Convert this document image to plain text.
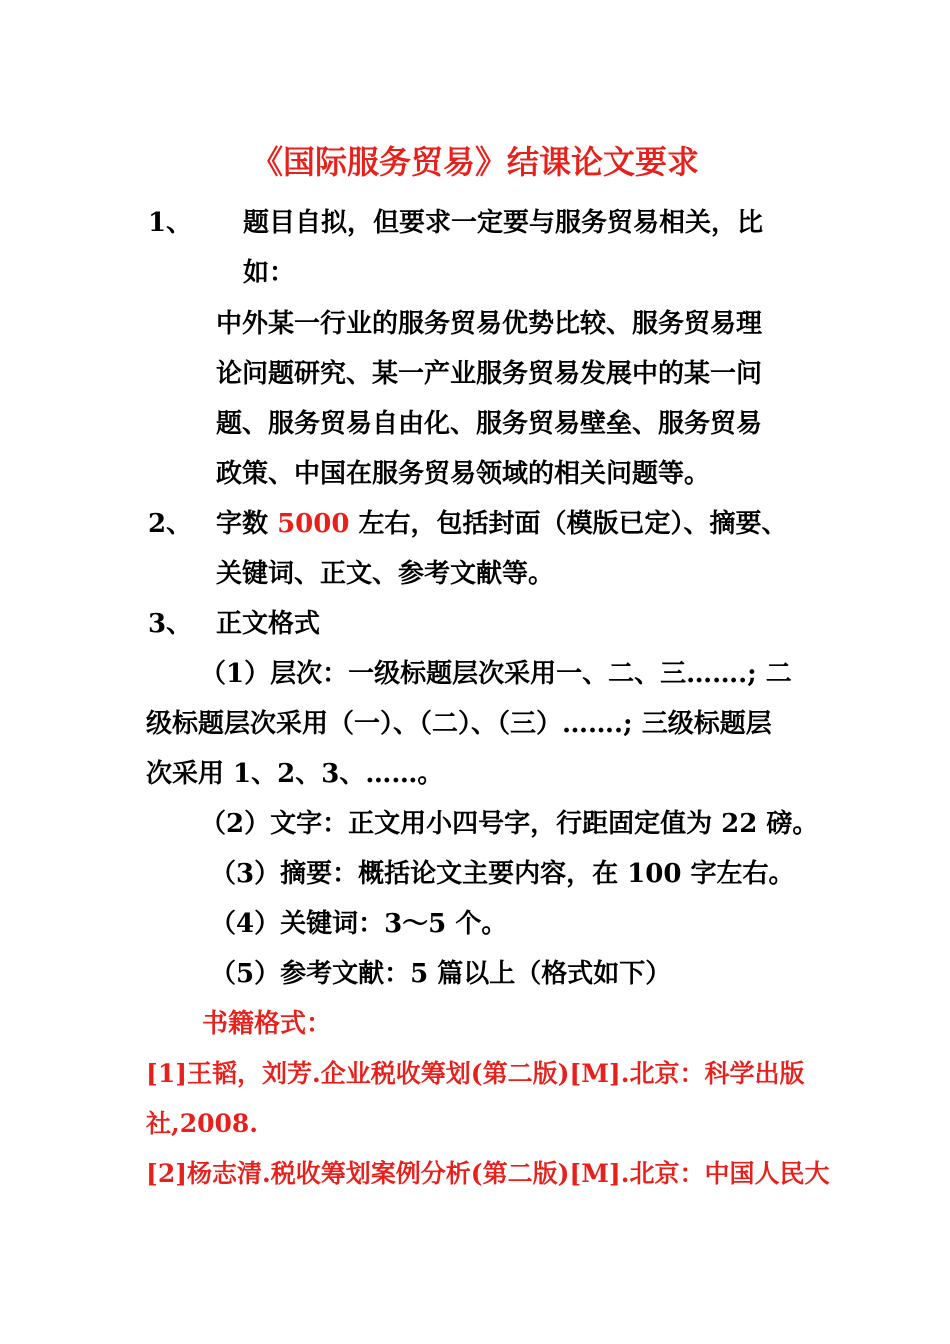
《国际服务贸易》结课论文要求
1、 题目自拟，但要求一定要与服务贸易相关，比
如：
中外某一行业的服务贸易优势比较、服务贸易理
论问题研究、某一产业服务贸易发展中的某一问
题、服务贸易自由化、服务贸易壁垒、服务贸易
政策、中国在服务贸易领域的相关问题等。
2、 字数 5000 左右，包括封面（模版已定）、摘要、
关键词、正文、参考文献等。
3、 正文格式
（1）层次：一级标题层次采用一、二、三…….; 二
级标题层次采用（一）、（二）、（三）…….; 三级标题层
次采用 1、2、3、……。
（2）文字：正文用小四号字，行距固定值为 22 磅。
（3）摘要：概括论文主要内容，在 100 字左右。
（4）关键词：3～5 个。
（5）参考文献：5 篇以上（格式如下）
书籍格式：
[1]王韬，刘芳.企业税收筹划(第二版)[M].北京：科学出版
社,2008.
[2]杨志清.税收筹划案例分析(第二版)[M].北京：中国人民大
